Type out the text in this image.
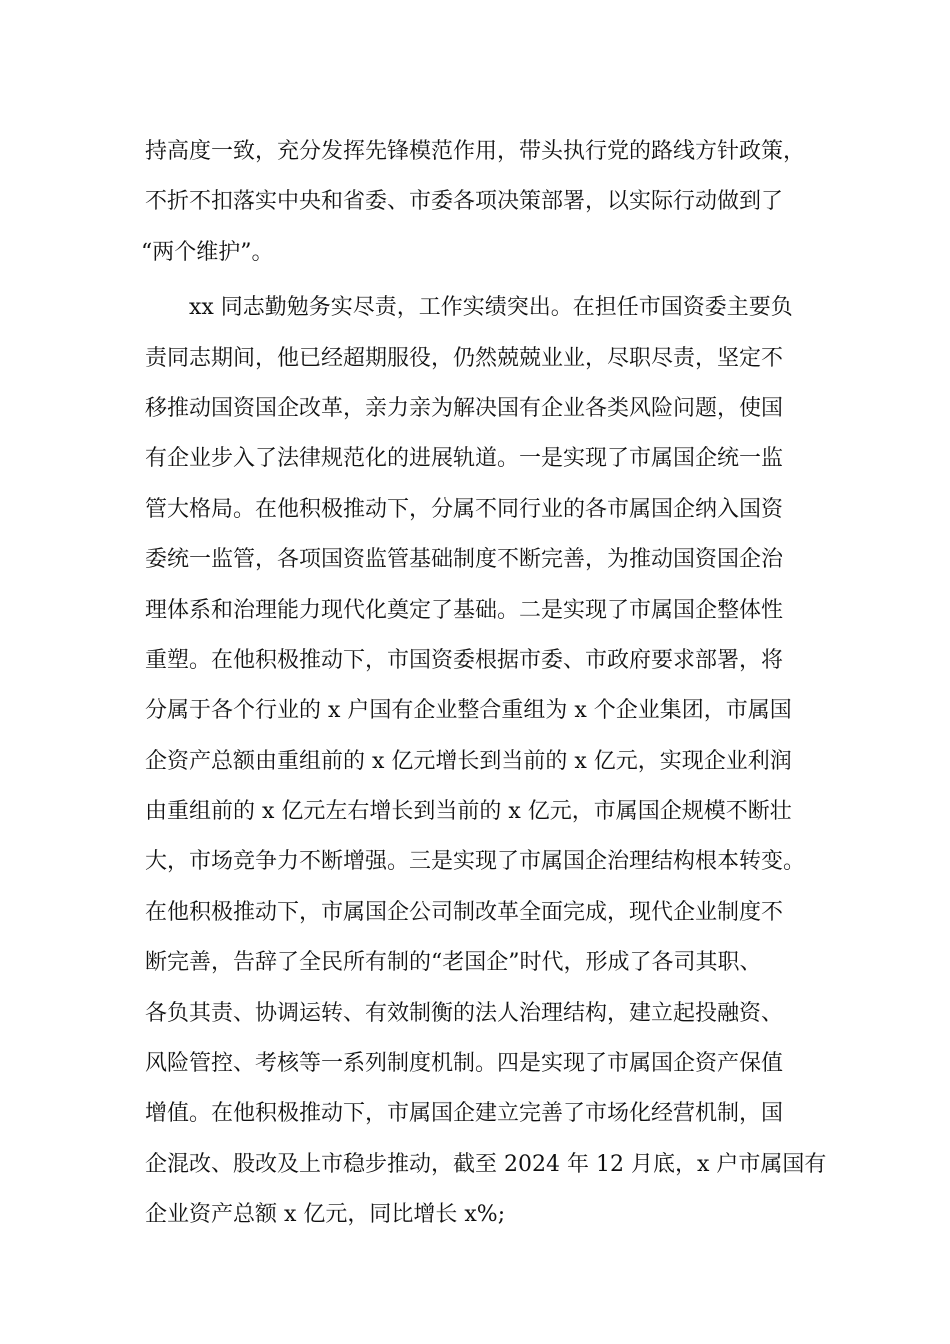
持高度一致，充分发挥先锋模范作用，带头执行党的路线方针政策，
不折不扣落实中央和省委、市委各项决策部署，以实际行动做到了
“两个维护”。
xx 同志勤勉务实尽责，工作实绩突出。在担任市国资委主要负
责同志期间，他已经超期服役，仍然兢兢业业，尽职尽责，坚定不
移推动国资国企改革，亲力亲为解决国有企业各类风险问题，使国
有企业步入了法律规范化的进展轨道。一是实现了市属国企统一监
管大格局。在他积极推动下，分属不同行业的各市属国企纳入国资
委统一监管，各项国资监管基础制度不断完善，为推动国资国企治
理体系和治理能力现代化奠定了基础。二是实现了市属国企整体性
重塑。在他积极推动下，市国资委根据市委、市政府要求部署，将
分属于各个行业的 x 户国有企业整合重组为 x 个企业集团，市属国
企资产总额由重组前的 x 亿元增长到当前的 x 亿元，实现企业利润
由重组前的 x 亿元左右增长到当前的 x 亿元，市属国企规模不断壮
大，市场竞争力不断增强。三是实现了市属国企治理结构根本转变。
在他积极推动下，市属国企公司制改革全面完成，现代企业制度不
断完善，告辞了全民所有制的“老国企”时代，形成了各司其职、
各负其责、协调运转、有效制衡的法人治理结构，建立起投融资、
风险管控、考核等一系列制度机制。四是实现了市属国企资产保值
增值。在他积极推动下，市属国企建立完善了市场化经营机制，国
企混改、股改及上市稳步推动，截至 2024 年 12 月底，x 户市属国有
企业资产总额 x 亿元，同比增长 x%;
